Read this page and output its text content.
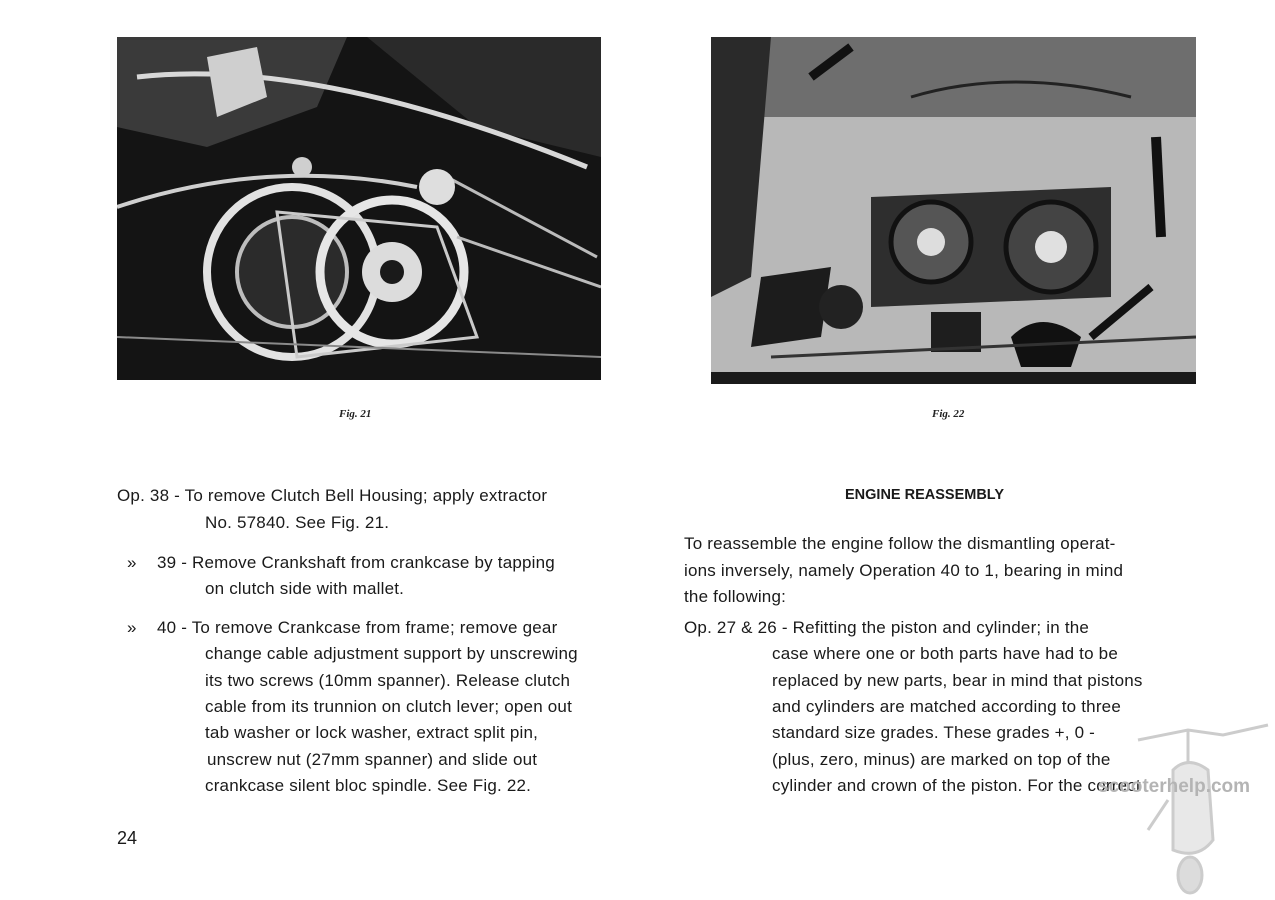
Fig. 21	Fig. 22
Op. 38 - To remove Clutch Bell Housing; apply extractor
No. 57840. See Fig. 21.
» 39 - Remove Crankshaft from crankcase by tapping
on clutch side with mallet.
» 40 - To remove Crankcase from frame; remove gear
change cable adjustment support by unscrewing
its two screws (10mm spanner). Release clutch
cable from its trunnion on clutch lever; open out
tab washer or lock washer, extract split pin,
unscrew nut (27mm spanner) and slide out
crankcase silent bloc spindle. See Fig. 22.
24
ENGINE REASSEMBLY
To reassemble the engine follow the dismantling operat-
ions inversely, namely Operation 40 to 1, bearing in mind
the following:
Op. 27 & 26 - Refitting the piston and cylinder; in the
case where one or both parts have had to be
replaced by new parts, bear in mind that pistons
and cylinders are matched according to three
standard size grades. These grades +, 0 -
(plus, zero, minus) are marked on top of the
cylinder and crown of the piston. For the correct
scooterhelp.com
